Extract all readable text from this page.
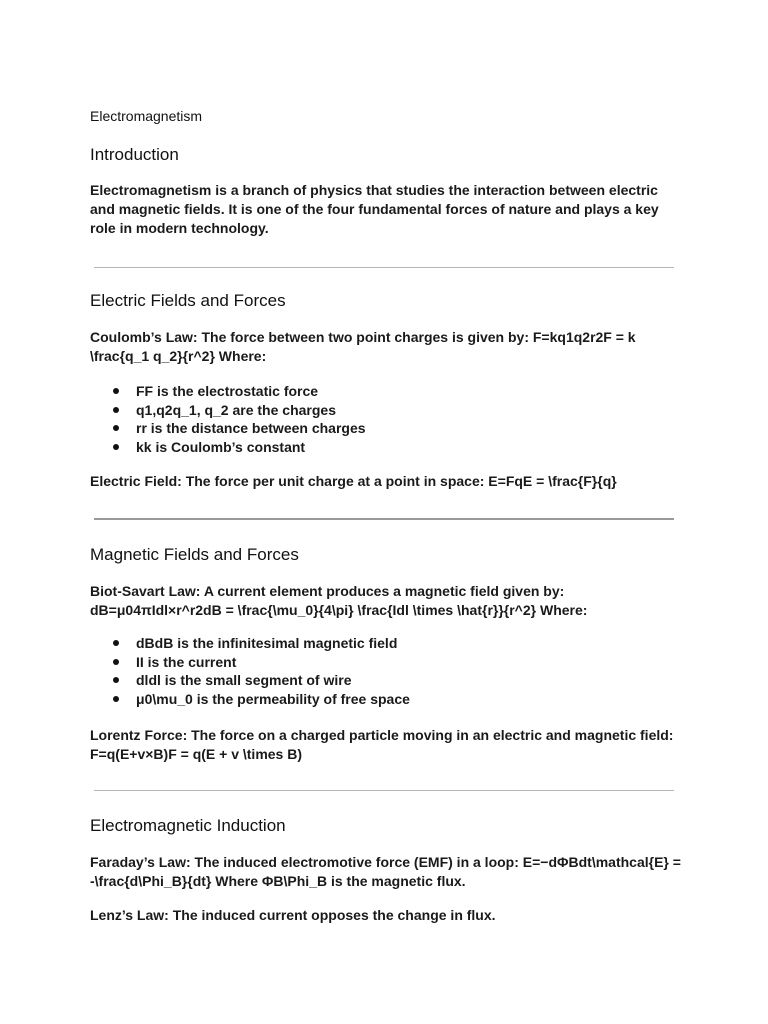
Electromagnetism
Introduction
Electromagnetism is a branch of physics that studies the interaction between electric
and magnetic fields. It is one of the four fundamental forces of nature and plays a key
role in modern technology.
Electric Fields and Forces
Coulomb’s Law: The force between two point charges is given by: F=kq1q2r2F = k
\frac{q_1 q_2}{r^2} Where:
FF is the electrostatic force
q1,q2q_1, q_2 are the charges
rr is the distance between charges
kk is Coulomb’s constant
Electric Field: The force per unit charge at a point in space: E=FqE = \frac{F}{q}
Magnetic Fields and Forces
Biot-Savart Law: A current element produces a magnetic field given by:
dB=μ04πIdl×r^r2dB = \frac{\mu_0}{4\pi} \frac{Idl \times \hat{r}}{r^2} Where:
dBdB is the infinitesimal magnetic field
II is the current
dldl is the small segment of wire
μ0\mu_0 is the permeability of free space
Lorentz Force: The force on a charged particle moving in an electric and magnetic field:
F=q(E+v×B)F = q(E + v \times B)
Electromagnetic Induction
Faraday’s Law: The induced electromotive force (EMF) in a loop: E=−dΦBdt\mathcal{E} =
-\frac{d\Phi_B}{dt} Where ΦB\Phi_B is the magnetic flux.
Lenz’s Law: The induced current opposes the change in flux.
